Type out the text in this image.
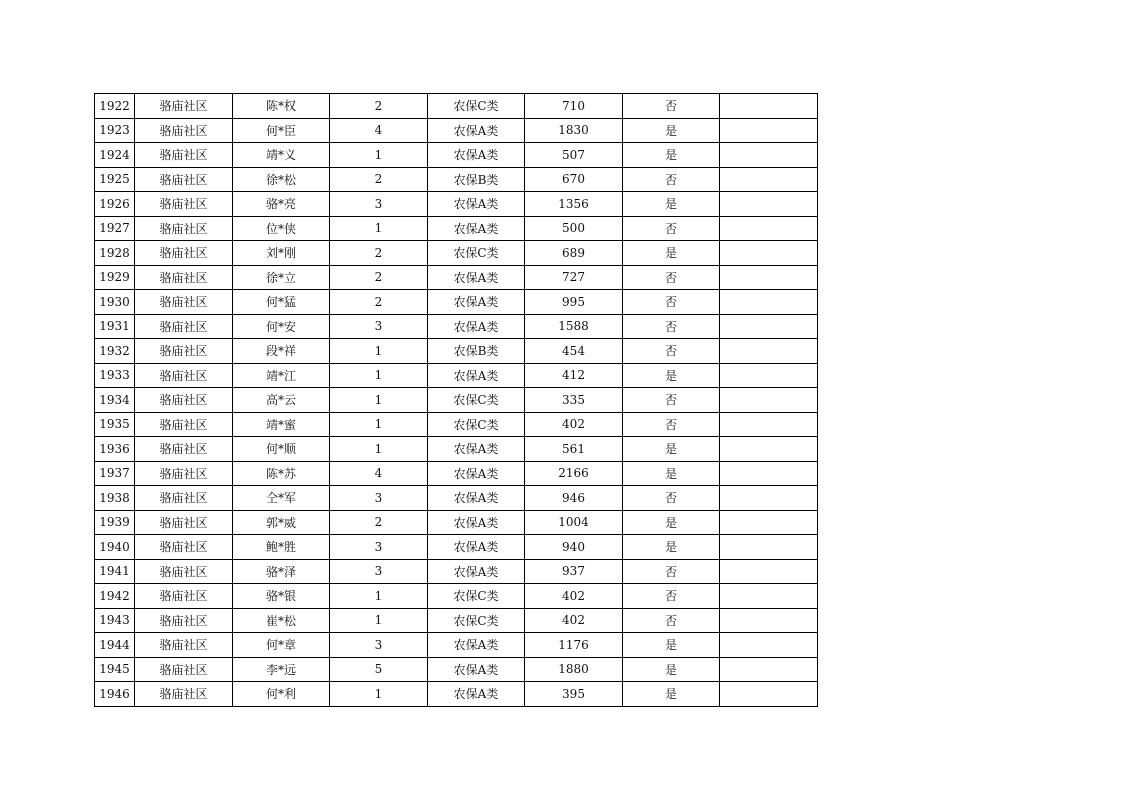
1922	骆庙社区	陈*权	2	农保C类	710	否	
1923	骆庙社区	何*臣	4	农保A类	1830	是	
1924	骆庙社区	靖*义	1	农保A类	507	是	
1925	骆庙社区	徐*松	2	农保B类	670	否	
1926	骆庙社区	骆*亮	3	农保A类	1356	是	
1927	骆庙社区	位*侠	1	农保A类	500	否	
1928	骆庙社区	刘*刚	2	农保C类	689	是	
1929	骆庙社区	徐*立	2	农保A类	727	否	
1930	骆庙社区	何*猛	2	农保A类	995	否	
1931	骆庙社区	何*安	3	农保A类	1588	否	
1932	骆庙社区	段*祥	1	农保B类	454	否	
1933	骆庙社区	靖*江	1	农保A类	412	是	
1934	骆庙社区	高*云	1	农保C类	335	否	
1935	骆庙社区	靖*蜜	1	农保C类	402	否	
1936	骆庙社区	何*顺	1	农保A类	561	是	
1937	骆庙社区	陈*苏	4	农保A类	2166	是	
1938	骆庙社区	仝*军	3	农保A类	946	否	
1939	骆庙社区	郭*威	2	农保A类	1004	是	
1940	骆庙社区	鲍*胜	3	农保A类	940	是	
1941	骆庙社区	骆*泽	3	农保A类	937	否	
1942	骆庙社区	骆*银	1	农保C类	402	否	
1943	骆庙社区	崔*松	1	农保C类	402	否	
1944	骆庙社区	何*章	3	农保A类	1176	是	
1945	骆庙社区	李*远	5	农保A类	1880	是	
1946	骆庙社区	何*利	1	农保A类	395	是	
